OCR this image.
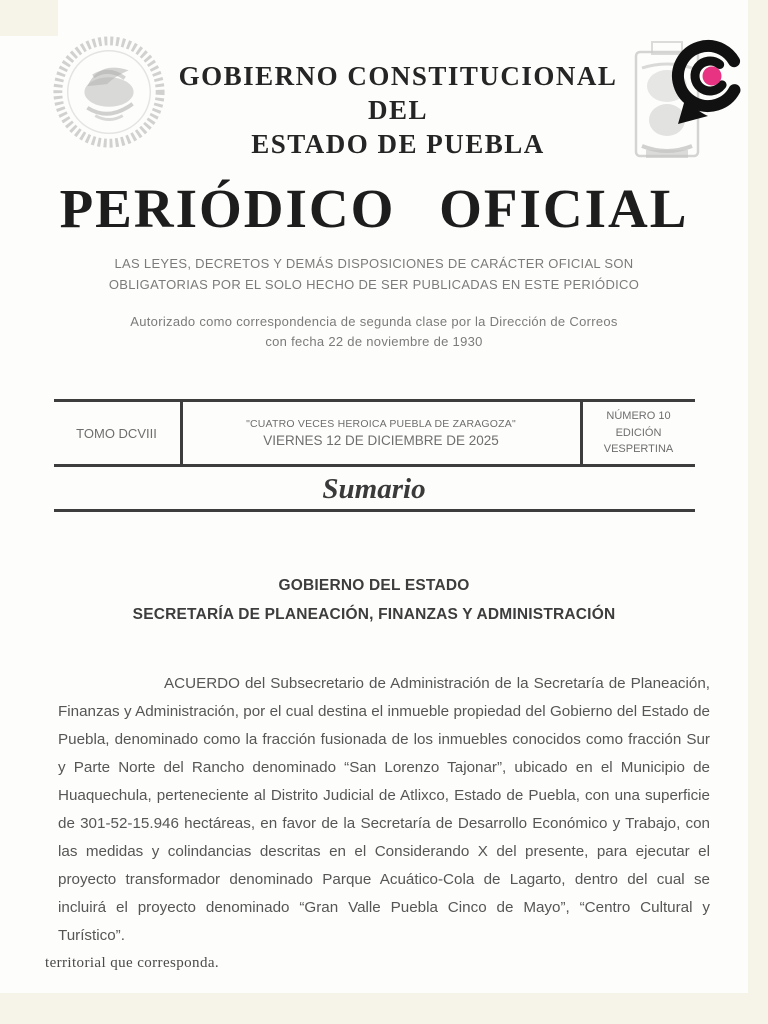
GOBIERNO CONSTITUCIONAL DEL
ESTADO DE PUEBLA
PERIÓDICO OFICIAL

LAS LEYES, DECRETOS Y DEMÁS DISPOSICIONES DE CARÁCTER OFICIAL SON
OBLIGATORIAS POR EL SOLO HECHO DE SER PUBLICADAS EN ESTE PERIÓDICO

Autorizado como correspondencia de segunda clase por la Dirección de Correos
con fecha 22 de noviembre de 1930

TOMO DCVIII
"CUATRO VECES HEROICA PUEBLA DE ZARAGOZA"
VIERNES 12 DE DICIEMBRE DE 2025
NÚMERO 10
EDICIÓN
VESPERTINA
Sumario
GOBIERNO DEL ESTADO
SECRETARÍA DE PLANEACIÓN, FINANZAS Y ADMINISTRACIÓN

ACUERDO del Subsecretario de Administración de la Secretaría de Planeación, Finanzas y Administración, por el cual destina el inmueble propiedad del Gobierno del Estado de Puebla, denominado como la fracción fusionada de los inmuebles conocidos como fracción Sur y Parte Norte del Rancho denominado “San Lorenzo Tajonar”, ubicado en el Municipio de Huaquechula, perteneciente al Distrito Judicial de Atlixco, Estado de Puebla, con una superficie de 301-52-15.946 hectáreas, en favor de la Secretaría de Desarrollo Económico y Trabajo, con las medidas y colindancias descritas en el Considerando X del presente, para ejecutar el proyecto transformador denominado Parque Acuático-Cola de Lagarto, dentro del cual se incluirá el proyecto denominado “Gran Valle Puebla Cinco de Mayo”, “Centro Cultural y Turístico”.

territorial que corresponda.
